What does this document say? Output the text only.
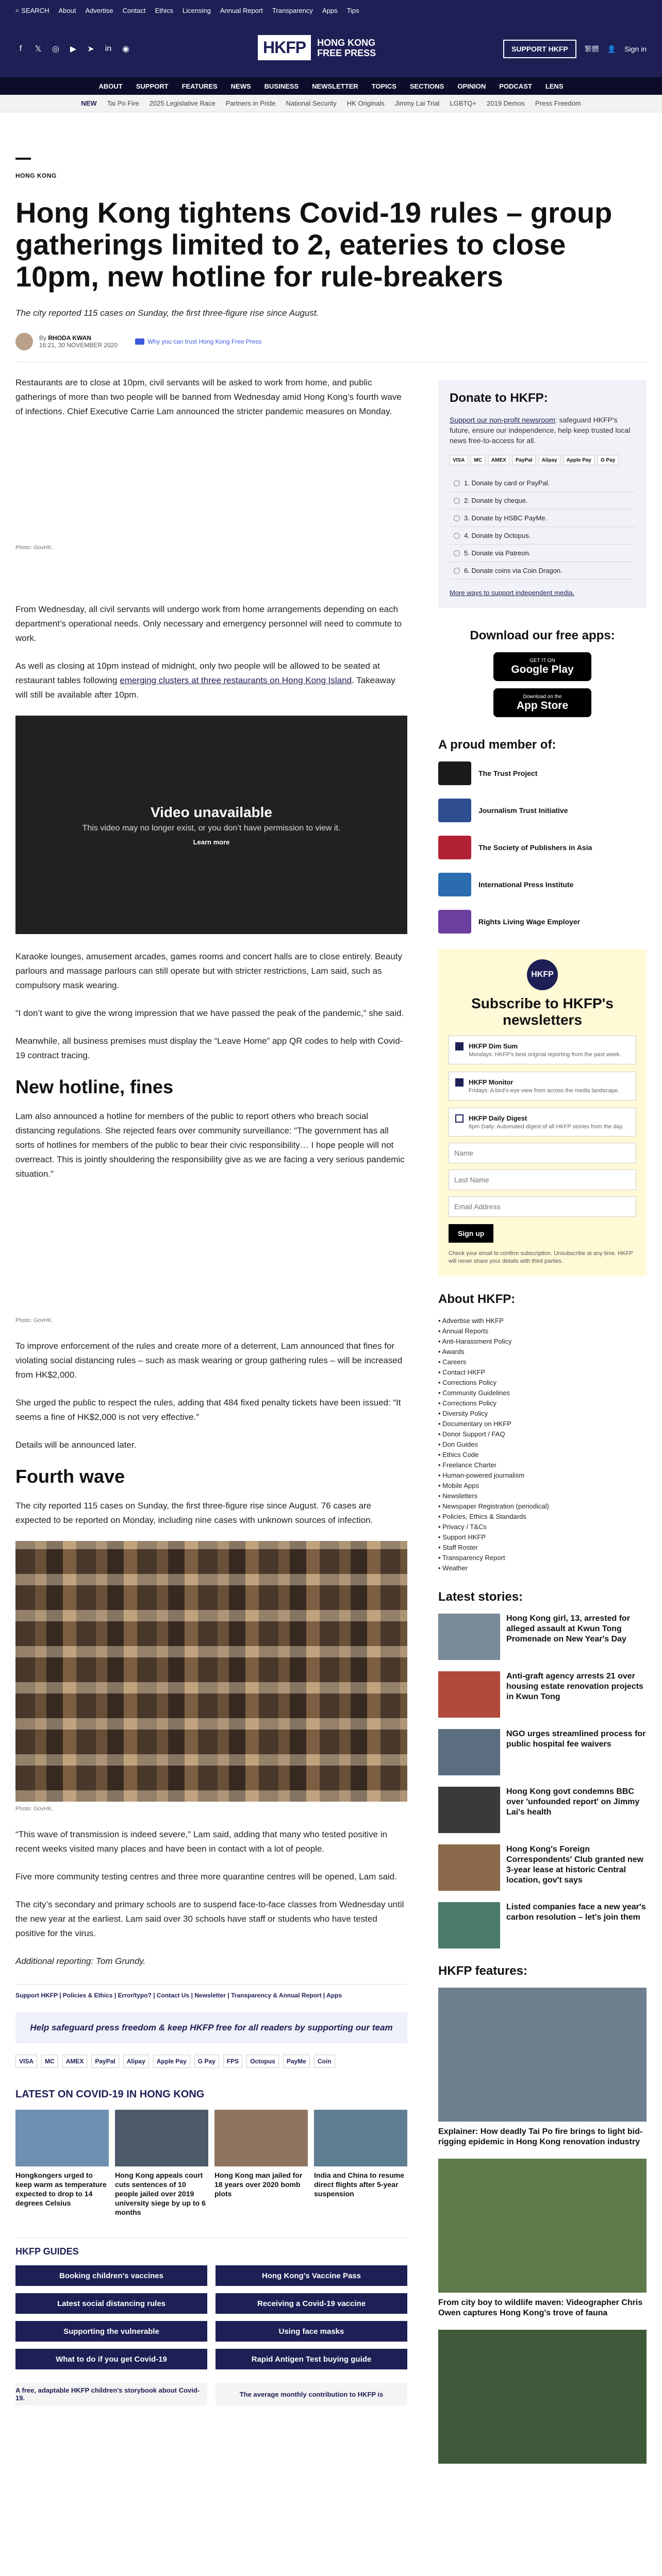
⌕ SEARCH About Advertise Contact Ethics Licensing Annual Report Transparency Apps Tips
f	𝕏 ◎ ▶ ➤ in ◉	HKFP	HONG KONG
FREE PRESS	SUPPORT HKFP	繁體 👤 Sign in
ABOUT SUPPORT FEATURES NEWS BUSINESS NEWSLETTER TOPICS SECTIONS OPINION PODCAST LENS
NEW Tai Po Fire 2025 Legislative Race Partners in Pride National Security HK Originals Jimmy Lai Trial LGBTQ+ 2019 Demos Press Freedom
HONG KONG
Hong Kong tightens Covid-19 rules – group gatherings limited to 2, eateries to close 10pm, new hotline for rule-breakers
The city reported 115 cases on Sunday, the first three-figure rise since August.
By RHODA KWAN
16:21, 30 NOVEMBER 2020	Why you can trust Hong Kong Free Press

Restaurants are to close at 10pm, civil servants will be asked to work from home, and public gatherings of more than two people will be banned from Wednesday amid Hong Kong’s fourth wave of infections. Chief Executive Carrie Lam announced the stricter pandemic measures on Monday.

Photo: GovHK.

From Wednesday, all civil servants will undergo work from home arrangements depending on each department’s operational needs. Only necessary and emergency personnel will need to commute to work.

As well as closing at 10pm instead of midnight, only two people will be allowed to be seated at restaurant tables following emerging clusters at three restaurants on Hong Kong Island. Takeaway will still be available after 10pm.

Video unavailable
This video may no longer exist, or you don’t have permission to view it.
Learn more

Karaoke lounges, amusement arcades, games rooms and concert halls are to close entirely. Beauty parlours and massage parlours can still operate but with stricter restrictions, Lam said, such as compulsory mask wearing.

“I don’t want to give the wrong impression that we have passed the peak of the pandemic,” she said.

Meanwhile, all business premises must display the “Leave Home” app QR codes to help with Covid-19 contract tracing.

New hotline, fines

Lam also announced a hotline for members of the public to report others who breach social distancing regulations. She rejected fears over community surveillance: “The government has all sorts of hotlines for members of the public to bear their civic responsibility… I hope people will not overreact. This is jointly shouldering the responsibility give as we are facing a very serious pandemic situation.”

Photo: GovHK.

To improve enforcement of the rules and create more of a deterrent, Lam announced that fines for violating social distancing rules – such as mask wearing or group gathering rules – will be increased from HK$2,000.

She urged the public to respect the rules, adding that 484 fixed penalty tickets have been issued: “It seems a fine of HK$2,000 is not very effective.”

Details will be announced later.

Fourth wave

The city reported 115 cases on Sunday, the first three-figure rise since August. 76 cases are expected to be reported on Monday, including nine cases with unknown sources of infection.

Photo: GovHK.

“This wave of transmission is indeed severe,” Lam said, adding that many who tested positive in recent weeks visited many places and have been in contact with a lot of people.

Five more community testing centres and three more quarantine centres will be opened, Lam said.

The city’s secondary and primary schools are to suspend face-to-face classes from Wednesday until the new year at the earliest. Lam said over 30 schools have staff or students who have tested positive for the virus.

Additional reporting: Tom Grundy.

Support HKFP | Policies & Ethics | Error/typo? | Contact Us | Newsletter | Transparency & Annual Report | Apps
Help safeguard press freedom & keep HKFP free for all readers by supporting our team
VISA	MC	AMEX	PayPal	Alipay	Apple Pay	G Pay	FPS	Octopus	PayMe	Coin
LATEST ON COVID-19 IN HONG KONG
Hongkongers urged to keep warm as temperature expected to drop to 14 degrees Celsius
Hong Kong appeals court cuts sentences of 10 people jailed over 2019 university siege by up to 6 months
Hong Kong man jailed for 18 years over 2020 bomb plots
India and China to resume direct flights after 5-year suspension
HKFP GUIDES
Booking children's vaccines	Hong Kong's Vaccine Pass
Latest social distancing rules	Receiving a Covid-19 vaccine
Supporting the vulnerable	Using face masks
What to do if you get Covid-19	Rapid Antigen Test buying guide
A free, adaptable HKFP children's storybook about Covid-19.	The average monthly contribution to HKFP is
Donate to HKFP:
Support our non-profit newsroom: safeguard HKFP's future, ensure our independence, help keep trusted local news free-to-access for all.
VISA	MC	AMEX	PayPal	Alipay	Apple Pay	G Pay
1. Donate by card or PayPal.
2. Donate by cheque.
3. Donate by HSBC PayMe.
4. Donate by Octopus.
5. Donate via Patreon.
6. Donate coins via Coin Dragon.
More ways to support independent media.
Download our free apps:
GET IT ON
Google Play
Download on the
App Store
A proud member of:
The Trust Project
Journalism Trust Initiative
The Society of Publishers in Asia
International Press Institute
Rights Living Wage Employer
HKFP
Subscribe to HKFP's newsletters
HKFP Dim Sum
Mondays: HKFP's best original reporting from the past week.
HKFP Monitor
Fridays: A bird's-eye view from across the media landscape.
HKFP Daily Digest
8pm Daily: Automated digest of all HKFP stories from the day.
Name
Last Name
Email Address
Sign up
Check your email to confirm subscription. Unsubscribe at any time. HKFP will never share your details with third parties.
About HKFP:
• Advertise with HKFP
• Annual Reports
• Anti-Harassment Policy
• Awards
• Careers
• Contact HKFP
• Corrections Policy
• Community Guidelines
• Corrections Policy
• Diversity Policy
• Documentary on HKFP
• Donor Support / FAQ
• Don Guides
• Ethics Code
• Freelance Charter
• Human-powered journalism
• Mobile Apps
• Newsletters
• Newspaper Registration (periodical)
• Policies, Ethics & Standards
• Privacy / T&Cs
• Support HKFP
• Staff Roster
• Transparency Report
• Weather
Latest stories:
Hong Kong girl, 13, arrested for alleged assault at Kwun Tong Promenade on New Year's Day
Anti-graft agency arrests 21 over housing estate renovation projects in Kwun Tong
NGO urges streamlined process for public hospital fee waivers
Hong Kong govt condemns BBC over 'unfounded report' on Jimmy Lai's health
Hong Kong's Foreign Correspondents' Club granted new 3-year lease at historic Central location, gov't says
Listed companies face a new year's carbon resolution – let's join them
HKFP features:
Explainer: How deadly Tai Po fire brings to light bid-rigging epidemic in Hong Kong renovation industry
From city boy to wildlife maven: Videographer Chris Owen captures Hong Kong's trove of fauna
